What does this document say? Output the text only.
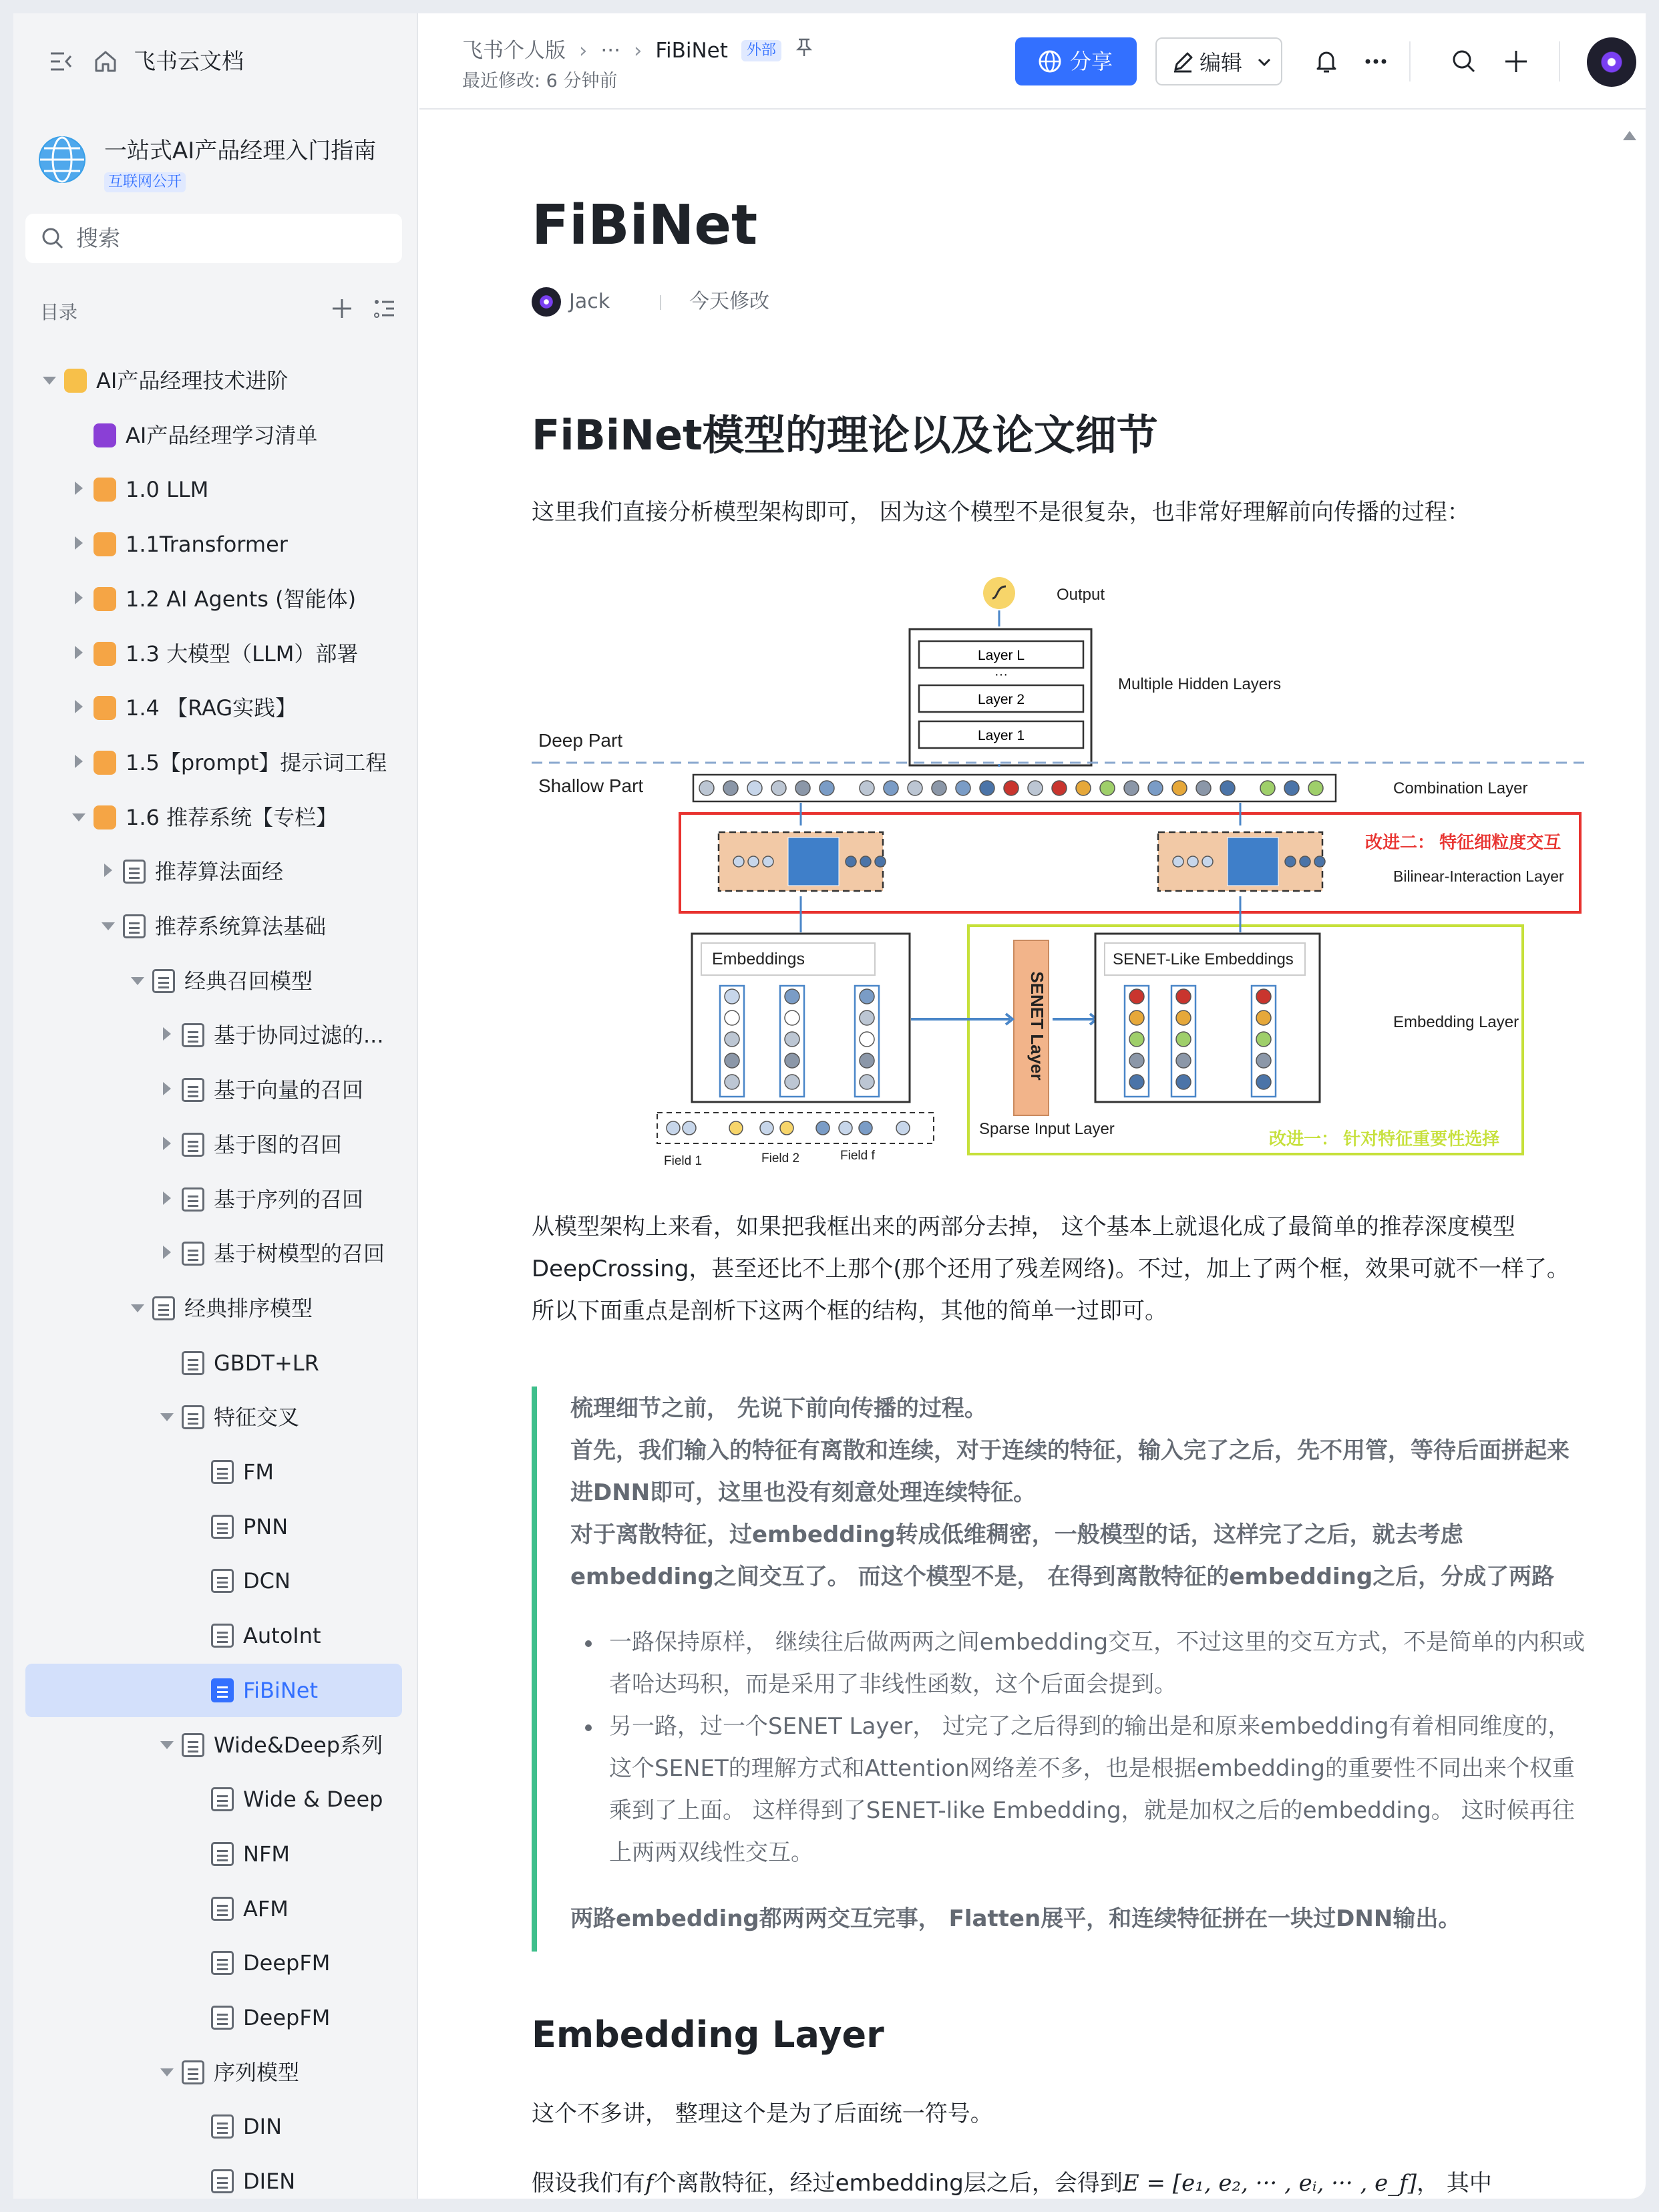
飞书云文档
一站式AI产品经理入门指南
互联网公开
搜索
目录
AI产品经理技术进阶
AI产品经理学习清单
1.0 LLM
1.1Transformer
1.2 AI Agents (智能体)
1.3 大模型（LLM）部署
1.4 【RAG实践】
1.5【prompt】提示词工程
1.6 推荐系统【专栏】
推荐算法面经
推荐系统算法基础
经典召回模型
基于协同过滤的...
基于向量的召回
基于图的召回
基于序列的召回
基于树模型的召回
经典排序模型
GBDT+LR
特征交叉
FM
PNN
DCN
AutoInt
FiBiNet
Wide&Deep系列
Wide & Deep
NFM
AFM
DeepFM
DeepFM
序列模型
DIN
DIEN
飞书个人版 › ··· › FiBiNet 外部
最近修改: 6 分钟前
分享	编辑
FiBiNet
Jack	今天修改
FiBiNet模型的理论以及论文细节
这里我们直接分析模型架构即可， 因为这个模型不是很复杂，也非常好理解前向传播的过程：
Output
Layer L
···
Layer 2
Layer 1
Multiple Hidden Layers
Deep Part
Shallow Part	Combination Layer
改进二： 特征细粒度交互
Bilinear-Interaction Layer
改进一： 针对特征重要性选择
Embeddings
SENET Layer
SENET-Like Embeddings
Embedding Layer
Sparse Input Layer
Field 1	Field 2	Field f
从模型架构上来看，如果把我框出来的两部分去掉， 这个基本上就退化成了最简单的推荐深度模型DeepCrossing，甚至还比不上那个(那个还用了残差网络)。不过，加上了两个框，效果可就不一样了。所以下面重点是剖析下这两个框的结构，其他的简单一过即可。
梳理细节之前， 先说下前向传播的过程。
首先，我们输入的特征有离散和连续，对于连续的特征，输入完了之后，先不用管，等待后面拼起来进DNN即可，这里也没有刻意处理连续特征。
对于离散特征，过embedding转成低维稠密，一般模型的话，这样完了之后，就去考虑embedding之间交互了。 而这个模型不是， 在得到离散特征的embedding之后，分成了两路
一路保持原样， 继续往后做两两之间embedding交互，不过这里的交互方式，不是简单的内积或者哈达玛积，而是采用了非线性函数，这个后面会提到。
另一路，过一个SENET Layer， 过完了之后得到的输出是和原来embedding有着相同维度的，这个SENET的理解方式和Attention网络差不多，也是根据embedding的重要性不同出来个权重乘到了上面。 这样得到了SENET-like Embedding，就是加权之后的embedding。 这时候再往上两两双线性交互。
两路embedding都两两交互完事， Flatten展平，和连续特征拼在一块过DNN输出。
Embedding Layer
这个不多讲， 整理这个是为了后面统一符号。
假设我们有f个离散特征，经过embedding层之后，会得到E = [e₁, e₂, ··· , eᵢ, ··· , e_f]， 其中
